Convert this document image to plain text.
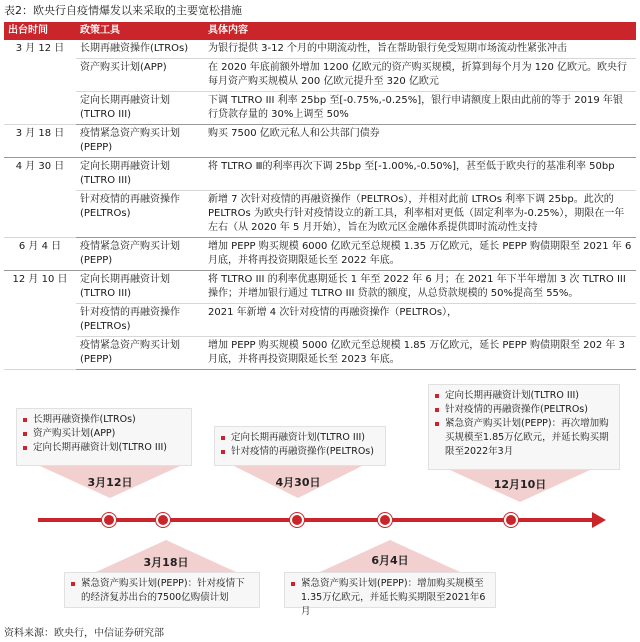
表2：欧央行自疫情爆发以来采取的主要宽松措施
出台时间	政策工具	具体内容
3 月 12 日	长期再融资操作(LTROs)	为银行提供 3-12 个月的中期流动性，旨在帮助银行免受短期市场流动性紧张冲击
	资产购买计划(APP)	在 2020 年底前额外增加 1200 亿欧元的资产购买规模，折算到每个月为 120 亿欧元。欧央行每月资产购买规模从 200 亿欧元提升至 320 亿欧元
	定向长期再融资计划(TLTRO III)	下调 TLTRO III 利率 25bp 至[-0.75%,-0.25%]，银行申请额度上限由此前的等于 2019 年银行贷款存量的 30%上调至 50%
3 月 18 日	疫情紧急资产购买计划(PEPP)	购买 7500 亿欧元私人和公共部门债券
4 月 30 日	定向长期再融资计划(TLTRO III)	将 TLTRO Ⅲ的利率再次下调 25bp 至[-1.00%,-0.50%]，甚至低于欧央行的基准利率 50bp
	针对疫情的再融资操作(PELTROs)	新增 7 次针对疫情的再融资操作（PELTROs），并相对此前 LTROs 利率下调 25bp。此次的 PELTROs 为欧央行针对疫情设立的新工具，利率相对更低（固定利率为-0.25%），期限在一年左右（从 2020 年 5 月开始），旨在为欧元区金融体系提供即时流动性支持
6 月 4 日	疫情紧急资产购买计划(PEPP)	增加 PEPP 购买规模 6000 亿欧元至总规模 1.35 万亿欧元，延长 PEPP 购债期限至 2021 年 6 月底，并将再投资期限延长至 2022 年底。
12 月 10 日	定向长期再融资计划(TLTRO III)	将 TLTRO III 的利率优惠期延长 1 年至 2022 年 6 月；在 2021 年下半年增加 3 次 TLTRO III 操作；并增加银行通过 TLTRO III 贷款的额度，从总贷款规模的 50%提高至 55%。
	针对疫情的再融资操作(PELTROs)	2021 年新增 4 次针对疫情的再融资操作（PELTROs），
	疫情紧急资产购买计划(PEPP)	增加 PEPP 购买规模 5000 亿欧元至总规模 1.85 万亿欧元，延长 PEPP 购债期限至 202 年 3 月底，并将再投资期限延长至 2023 年底。
定向长期再融资计划(TLTRO III)
针对疫情的再融资操作(PELTROs)
紧急资产购买计划(PEPP)：再次增加购买规模至1.85万亿欧元，并延长购买期限至2022年3月
12月10日
长期再融资操作(LTROs)
资产购买计划(APP)
定向长期再融资计划(TLTRO III)
3月12日
定向长期再融资计划(TLTRO III)
针对疫情的再融资操作(PELTROs)
4月30日
3月18日
紧急资产购买计划(PEPP)：针对疫情下的经济复苏出台的7500亿购债计划
6月4日
紧急资产购买计划(PEPP)：增加购买规模至1.35万亿欧元，并延长购买期限至2021年6月
资料来源：欧央行，中信证券研究部
